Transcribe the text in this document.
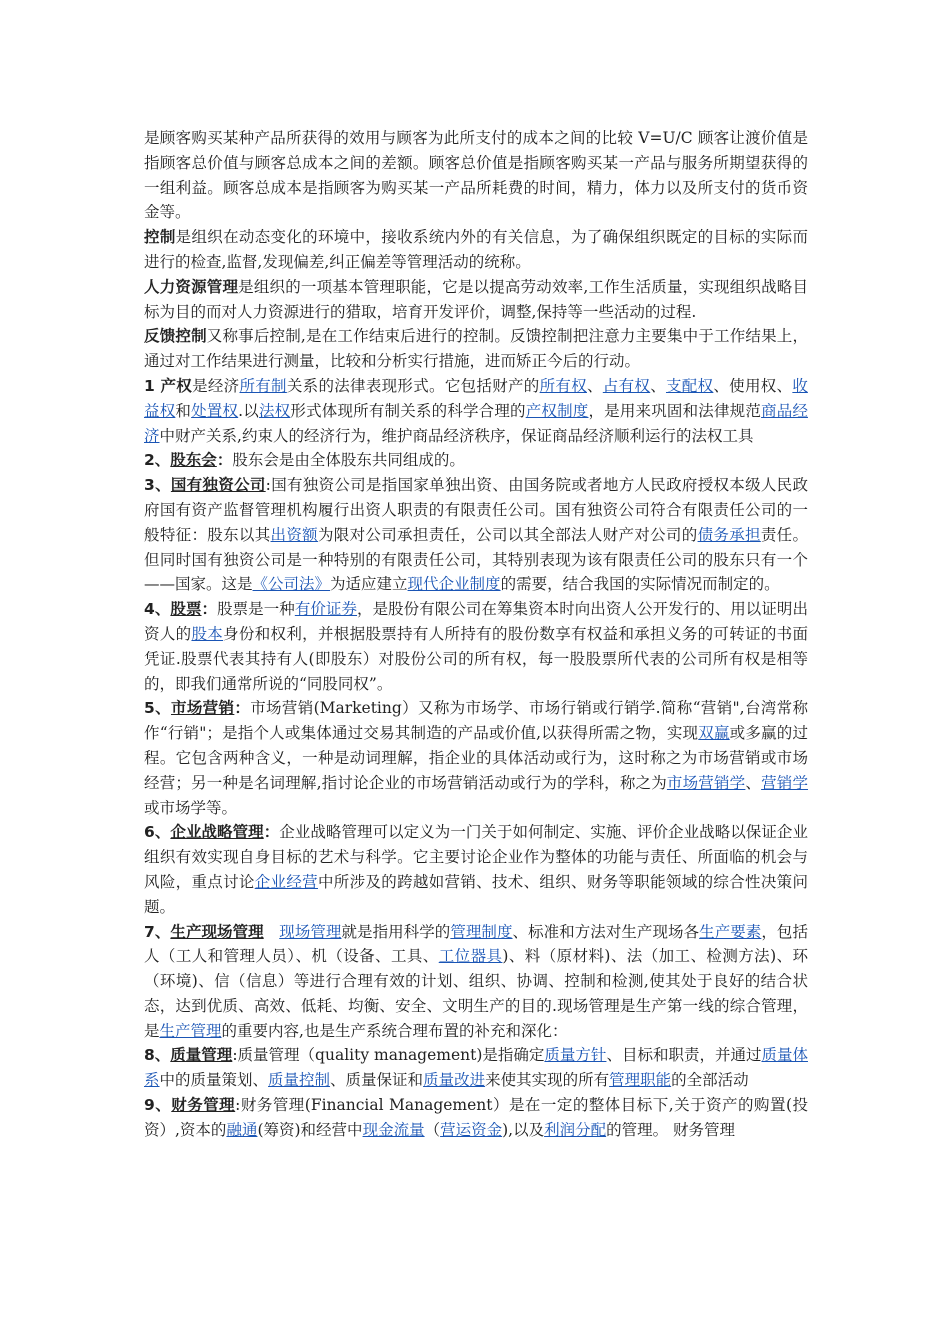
是顾客购买某种产品所获得的效用与顾客为此所支付的成本之间的比较 V=U/C 顾客让渡价值是指顾客总价值与顾客总成本之间的差额。顾客总价值是指顾客购买某一产品与服务所期望获得的一组利益。顾客总成本是指顾客为购买某一产品所耗费的时间，精力，体力以及所支付的货币资金等。

控制是组织在动态变化的环境中，接收系统内外的有关信息，为了确保组织既定的目标的实际而进行的检查,监督,发现偏差,纠正偏差等管理活动的统称。

人力资源管理是组织的一项基本管理职能，它是以提高劳动效率,工作生活质量，实现组织战略目标为目的而对人力资源进行的猎取，培育开发评价，调整,保持等一些活动的过程.

反馈控制又称事后控制,是在工作结束后进行的控制。反馈控制把注意力主要集中于工作结果上，通过对工作结果进行测量，比较和分析实行措施，进而矫正今后的行动。

1 产权是经济所有制关系的法律表现形式。它包括财产的所有权、占有权、支配权、使用权、收益权和处置权.以法权形式体现所有制关系的科学合理的产权制度，是用来巩固和法律规范商品经济中财产关系,约束人的经济行为，维护商品经济秩序，保证商品经济顺利运行的法权工具

2、股东会：股东会是由全体股东共同组成的。

3、国有独资公司:国有独资公司是指国家单独出资、由国务院或者地方人民政府授权本级人民政府国有资产监督管理机构履行出资人职责的有限责任公司。国有独资公司符合有限责任公司的一般特征：股东以其出资额为限对公司承担责任，公司以其全部法人财产对公司的债务承担责任。但同时国有独资公司是一种特别的有限责任公司，其特别表现为该有限责任公司的股东只有一个——国家。这是《公司法》为适应建立现代企业制度的需要，结合我国的实际情况而制定的。

4、股票：股票是一种有价证券，是股份有限公司在筹集资本时向出资人公开发行的、用以证明出资人的股本身份和权利，并根据股票持有人所持有的股份数享有权益和承担义务的可转证的书面凭证.股票代表其持有人(即股东）对股份公司的所有权，每一股股票所代表的公司所有权是相等的，即我们通常所说的“同股同权”。

5、市场营销：市场营销(Marketing）又称为市场学、市场行销或行销学.简称“营销",台湾常称作“行销"；是指个人或集体通过交易其制造的产品或价值,以获得所需之物，实现双赢或多赢的过程。它包含两种含义，一种是动词理解，指企业的具体活动或行为，这时称之为市场营销或市场经营；另一种是名词理解,指讨论企业的市场营销活动或行为的学科，称之为市场营销学、营销学或市场学等。

6、企业战略管理：企业战略管理可以定义为一门关于如何制定、实施、评价企业战略以保证企业组织有效实现自身目标的艺术与科学。它主要讨论企业作为整体的功能与责任、所面临的机会与风险，重点讨论企业经营中所涉及的跨越如营销、技术、组织、财务等职能领域的综合性决策问题。

7、生产现场管理　 现场管理就是指用科学的管理制度、标准和方法对生产现场各生产要素，包括人（工人和管理人员）、机（设备、工具、工位器具)、料（原材料)、法（加工、检测方法)、环（环境)、信（信息）等进行合理有效的计划、组织、协调、控制和检测,使其处于良好的结合状态，达到优质、高效、低耗、均衡、安全、文明生产的目的.现场管理是生产第一线的综合管理，是生产管理的重要内容,也是生产系统合理布置的补充和深化：

8、质量管理:质量管理（quality management)是指确定质量方针、目标和职责，并通过质量体系中的质量策划、质量控制、质量保证和质量改进来使其实现的所有管理职能的全部活动

9、财务管理:财务管理(Financial Management）是在一定的整体目标下,关于资产的购置(投资）,资本的融通(筹资)和经营中现金流量（营运资金),以及利润分配的管理。 财务管理
